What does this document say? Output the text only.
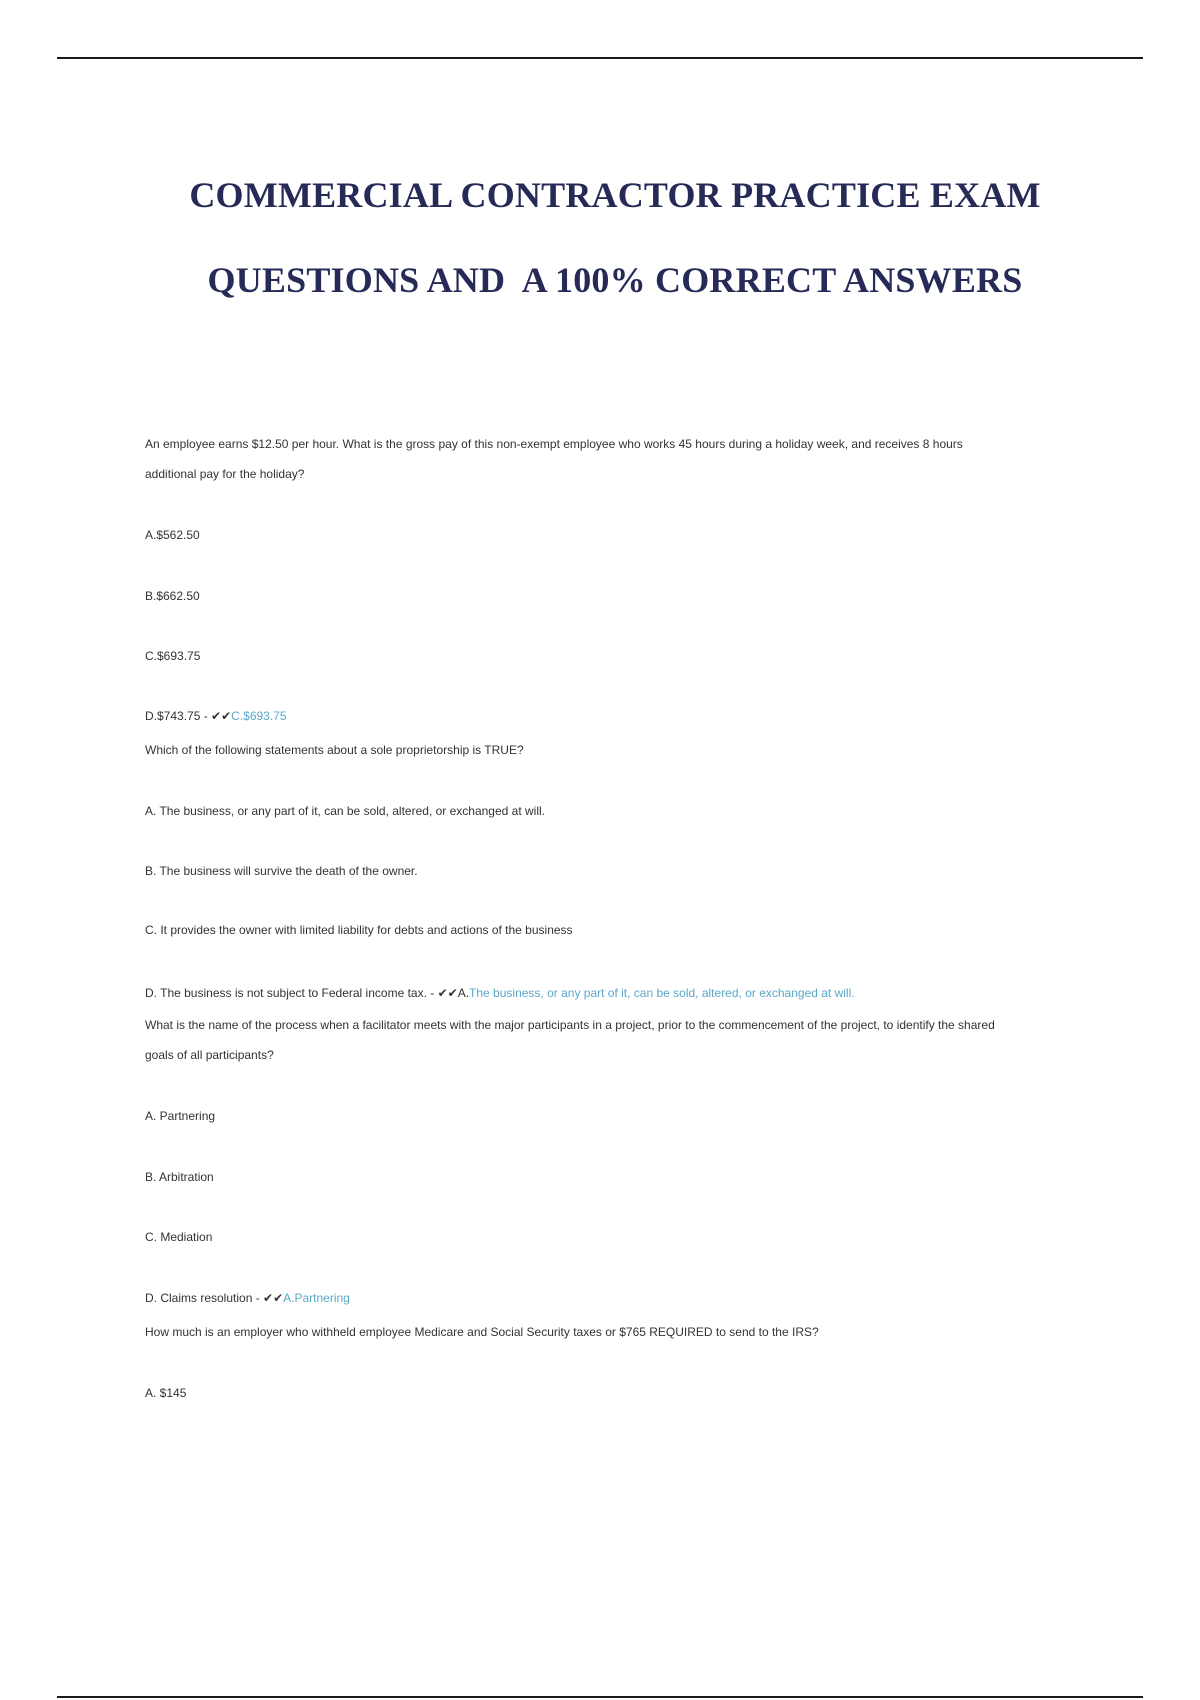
COMMERCIAL CONTRACTOR PRACTICE EXAM
QUESTIONS AND  A 100% CORRECT ANSWERS
An employee earns $12.50 per hour. What is the gross pay of this non-exempt employee who works 45 hours during a holiday week, and receives 8 hours
additional pay for the holiday?
A.$562.50
B.$662.50
C.$693.75
D.$743.75 - ✔✔C.$693.75
Which of the following statements about a sole proprietorship is TRUE?
A. The business, or any part of it, can be sold, altered, or exchanged at will.
B. The business will survive the death of the owner.
C. It provides the owner with limited liability for debts and actions of the business
D. The business is not subject to Federal income tax. - ✔✔A.The business, or any part of it, can be sold, altered, or exchanged at will.
What is the name of the process when a facilitator meets with the major participants in a project, prior to the commencement of the project, to identify the shared
goals of all participants?
A. Partnering
B. Arbitration
C. Mediation
D. Claims resolution - ✔✔A.Partnering
How much is an employer who withheld employee Medicare and Social Security taxes or $765 REQUIRED to send to the IRS?
A. $145
